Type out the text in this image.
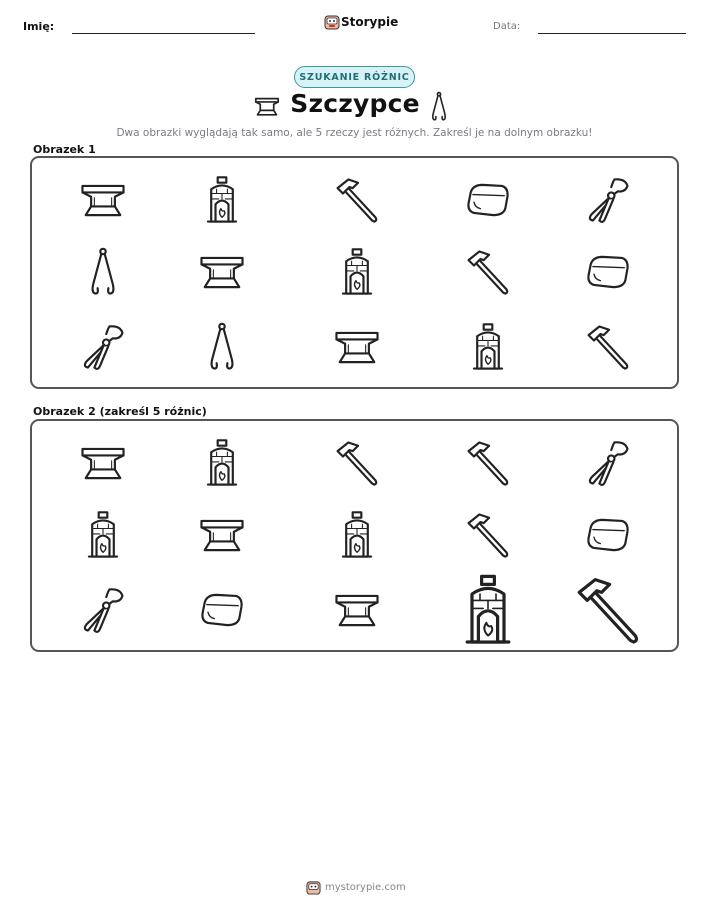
Imię:	Storypie	Data:
SZUKANIE RÓŻNIC
Szczypce
Dwa obrazki wyglądają tak samo, ale 5 rzeczy jest różnych. Zakreśl je na dolnym obrazku!
Obrazek 1
Obrazek 2 (zakreśl 5 różnic)
mystorypie.com
